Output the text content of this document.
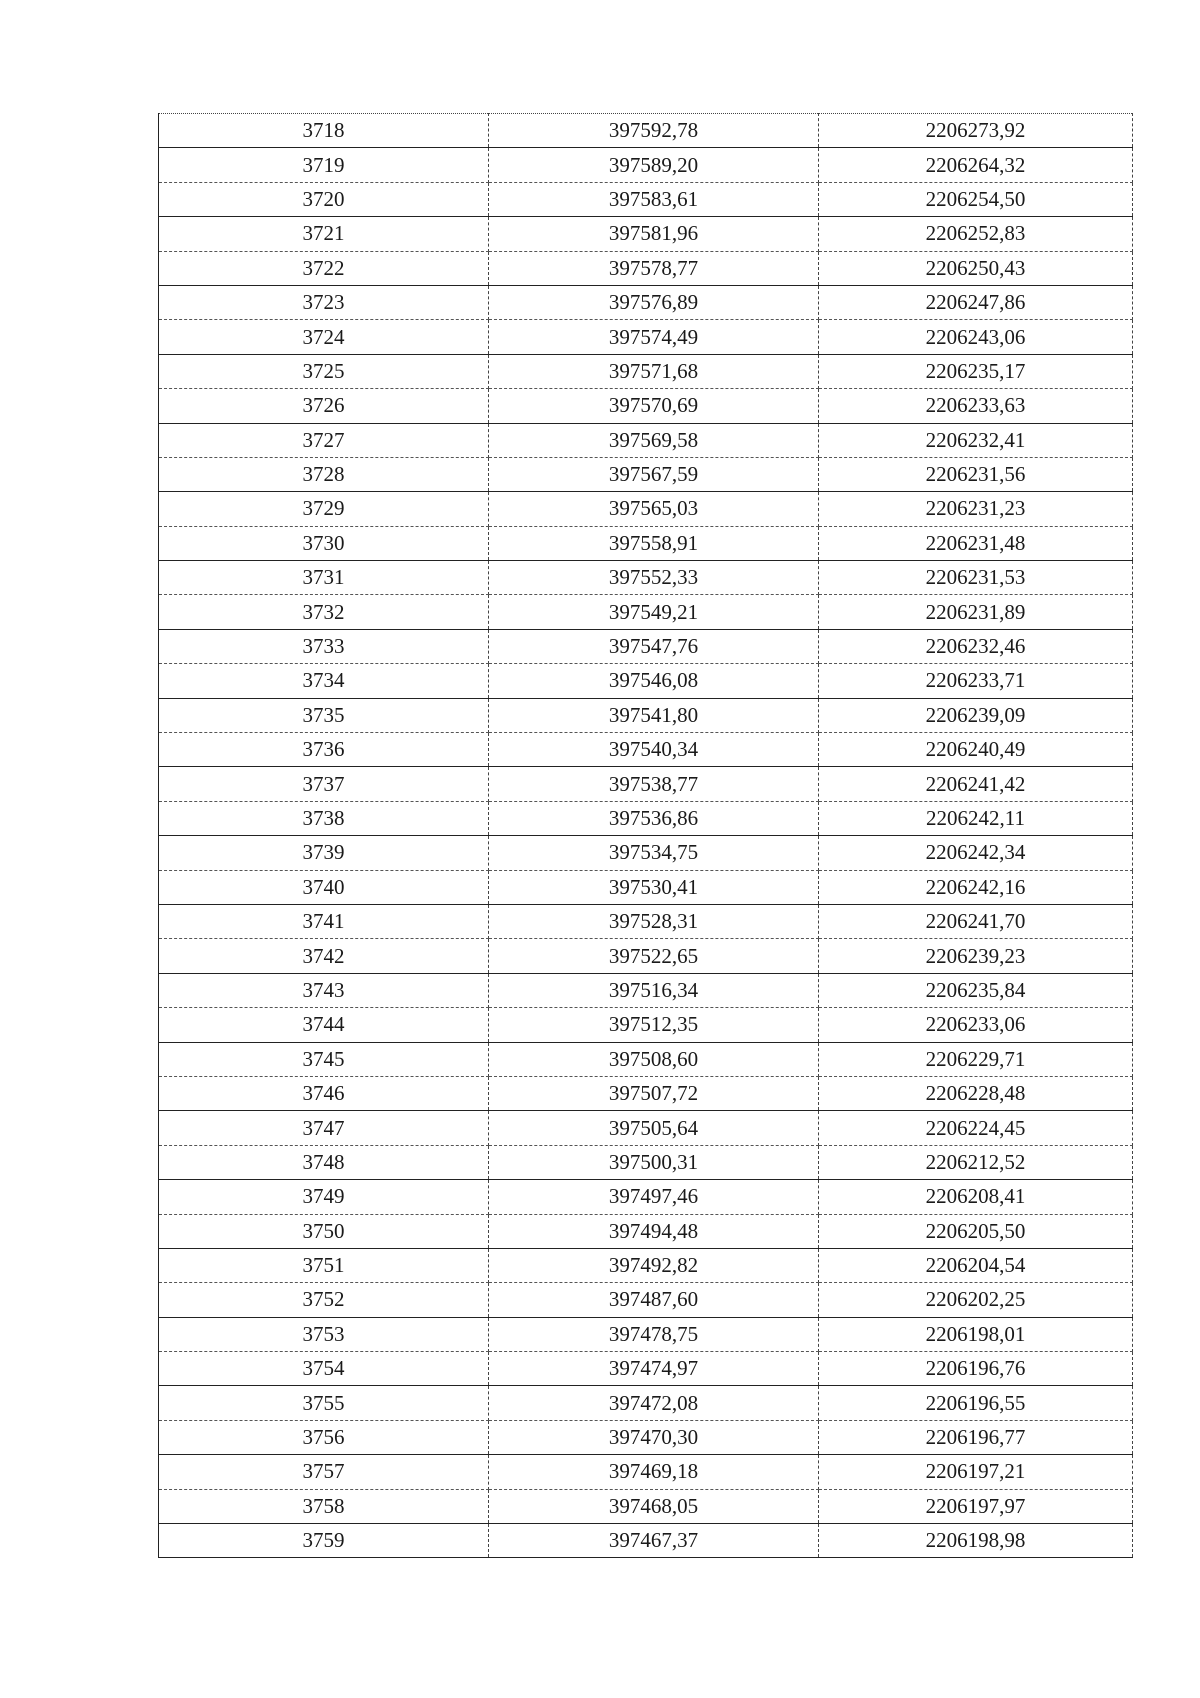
3718	397592,78	2206273,92
3719	397589,20	2206264,32
3720	397583,61	2206254,50
3721	397581,96	2206252,83
3722	397578,77	2206250,43
3723	397576,89	2206247,86
3724	397574,49	2206243,06
3725	397571,68	2206235,17
3726	397570,69	2206233,63
3727	397569,58	2206232,41
3728	397567,59	2206231,56
3729	397565,03	2206231,23
3730	397558,91	2206231,48
3731	397552,33	2206231,53
3732	397549,21	2206231,89
3733	397547,76	2206232,46
3734	397546,08	2206233,71
3735	397541,80	2206239,09
3736	397540,34	2206240,49
3737	397538,77	2206241,42
3738	397536,86	2206242,11
3739	397534,75	2206242,34
3740	397530,41	2206242,16
3741	397528,31	2206241,70
3742	397522,65	2206239,23
3743	397516,34	2206235,84
3744	397512,35	2206233,06
3745	397508,60	2206229,71
3746	397507,72	2206228,48
3747	397505,64	2206224,45
3748	397500,31	2206212,52
3749	397497,46	2206208,41
3750	397494,48	2206205,50
3751	397492,82	2206204,54
3752	397487,60	2206202,25
3753	397478,75	2206198,01
3754	397474,97	2206196,76
3755	397472,08	2206196,55
3756	397470,30	2206196,77
3757	397469,18	2206197,21
3758	397468,05	2206197,97
3759	397467,37	2206198,98
